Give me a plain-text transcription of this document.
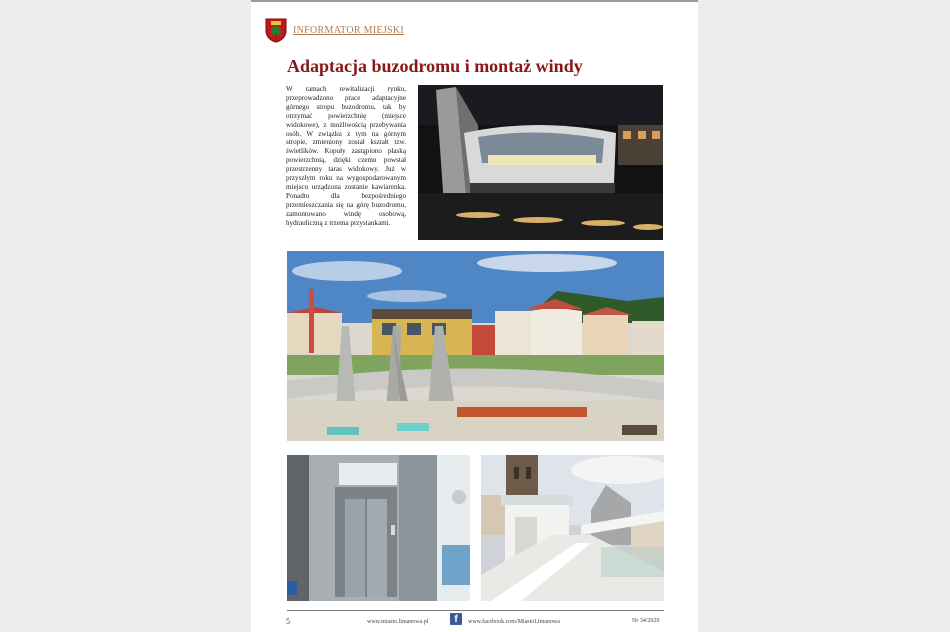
INFORMATOR MIEJSKI
Adaptacja buzodromu i montaż windy

W ramach rewitalizacji rynku, przeprowadzono prace adaptacyjne górnego stropu buzodromu, tak by otrzymać powierzchnię (miejsce widokowe), z możliwością przebywania osób. W związku z tym na górnym stropie, zmieniony został kształt tzw. świetlików. Kopuły zastąpiono płaską powierzchnią, dzięki czemu powstał przestrzenny taras widokowy. Już w przyszłym roku na wygospodarowanym miejscu urządzona zostanie kawiarenka. Ponadto dla bezpośredniego przemieszczania się na górę buzodromu, zamontowano windę osobową, hydrauliczną z trzema przystankami.

5	www.miasto.limanowa.pl	f	www.facebook.com/MiastoLimanowa	Nr 34/2020
